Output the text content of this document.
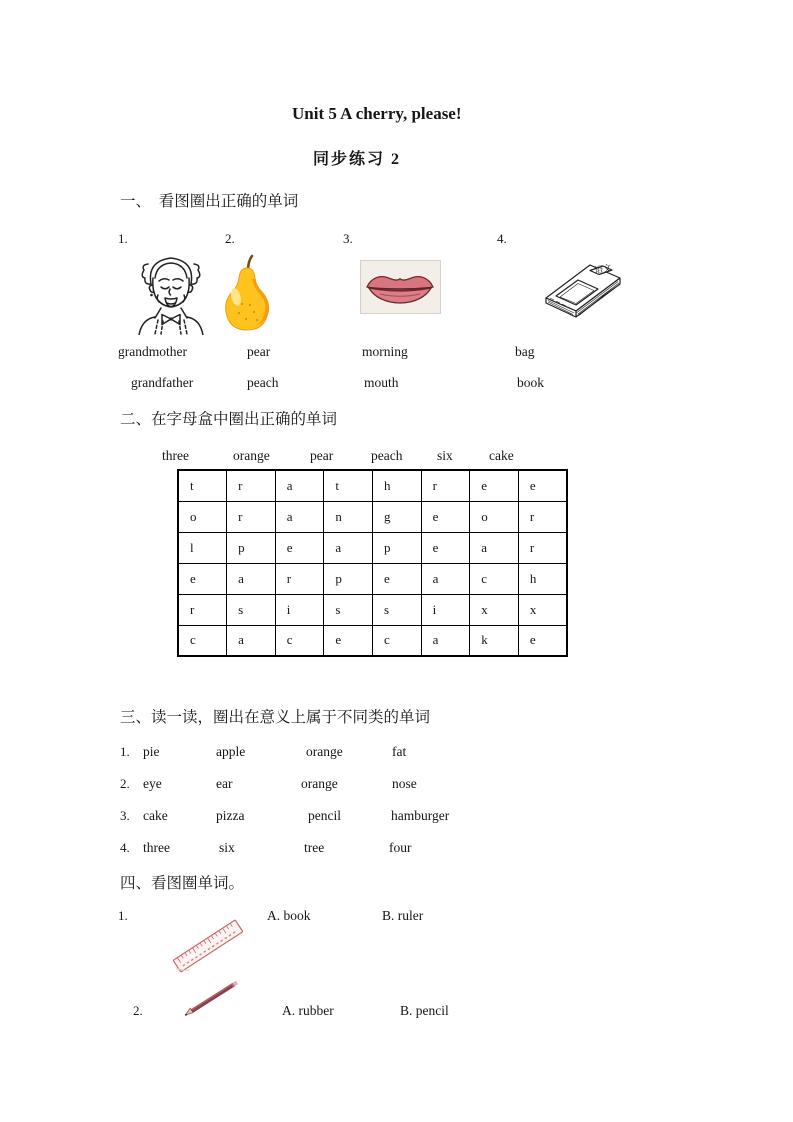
Unit 5 A cherry, please!
同步练习 2
一、　看图圈出正确的单词
1.	2.	3.	4.
语文
grandmother	pear	morning	bag
grandfather	peach	mouth	book
二、在字母盒中圈出正确的单词
three	orange	pear	peach	six	cake
t	r	a	t	h	r	e	e
o	r	a	n	g	e	o	r
l	p	e	a	p	e	a	r
e	a	r	p	e	a	c	h
r	s	i	s	s	i	x	x
c	a	c	e	c	a	k	e
三、读一读，圈出在意义上属于不同类的单词
1. pie	apple	orange	fat
2. eye	ear	orange	nose
3. cake	pizza	pencil	hamburger
4. three	six	tree	four
四、看图圈单词。
1.	A. book	B. ruler
2.	A. rubber	B. pencil
